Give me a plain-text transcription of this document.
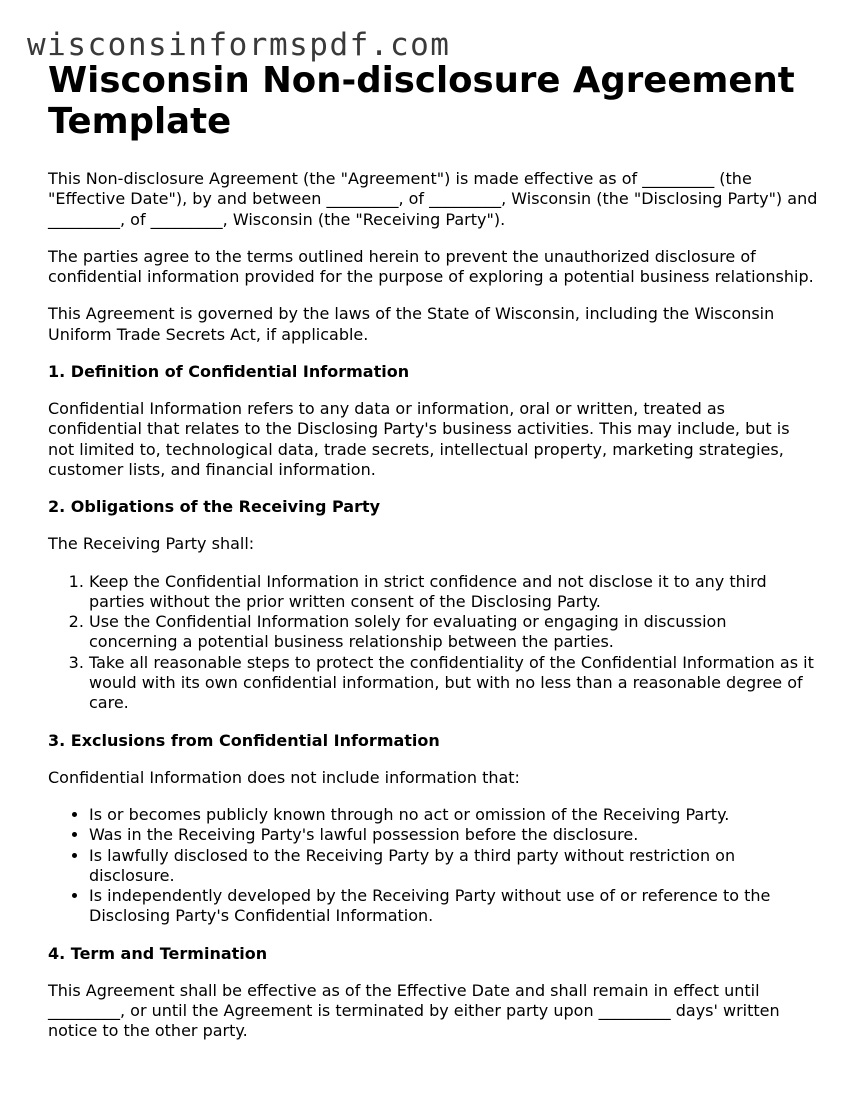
wisconsinformspdf.com
Wisconsin Non-disclosure Agreement Template

This Non-disclosure Agreement (the "Agreement") is made effective as of _________ (the "Effective Date"), by and between _________, of _________, Wisconsin (the "Disclosing Party") and _________, of _________, Wisconsin (the "Receiving Party").

The parties agree to the terms outlined herein to prevent the unauthorized disclosure of confidential information provided for the purpose of exploring a potential business relationship.

This Agreement is governed by the laws of the State of Wisconsin, including the Wisconsin Uniform Trade Secrets Act, if applicable.

1. Definition of Confidential Information

Confidential Information refers to any data or information, oral or written, treated as confidential that relates to the Disclosing Party's business activities. This may include, but is not limited to, technological data, trade secrets, intellectual property, marketing strategies, customer lists, and financial information.

2. Obligations of the Receiving Party

The Receiving Party shall:

1. Keep the Confidential Information in strict confidence and not disclose it to any third parties without the prior written consent of the Disclosing Party.
2. Use the Confidential Information solely for evaluating or engaging in discussion concerning a potential business relationship between the parties.
3. Take all reasonable steps to protect the confidentiality of the Confidential Information as it would with its own confidential information, but with no less than a reasonable degree of care.
3. Exclusions from Confidential Information

Confidential Information does not include information that:

• Is or becomes publicly known through no act or omission of the Receiving Party.
• Was in the Receiving Party's lawful possession before the disclosure.
• Is lawfully disclosed to the Receiving Party by a third party without restriction on disclosure.
• Is independently developed by the Receiving Party without use of or reference to the Disclosing Party's Confidential Information.
4. Term and Termination

This Agreement shall be effective as of the Effective Date and shall remain in effect until _________, or until the Agreement is terminated by either party upon _________ days' written notice to the other party.
